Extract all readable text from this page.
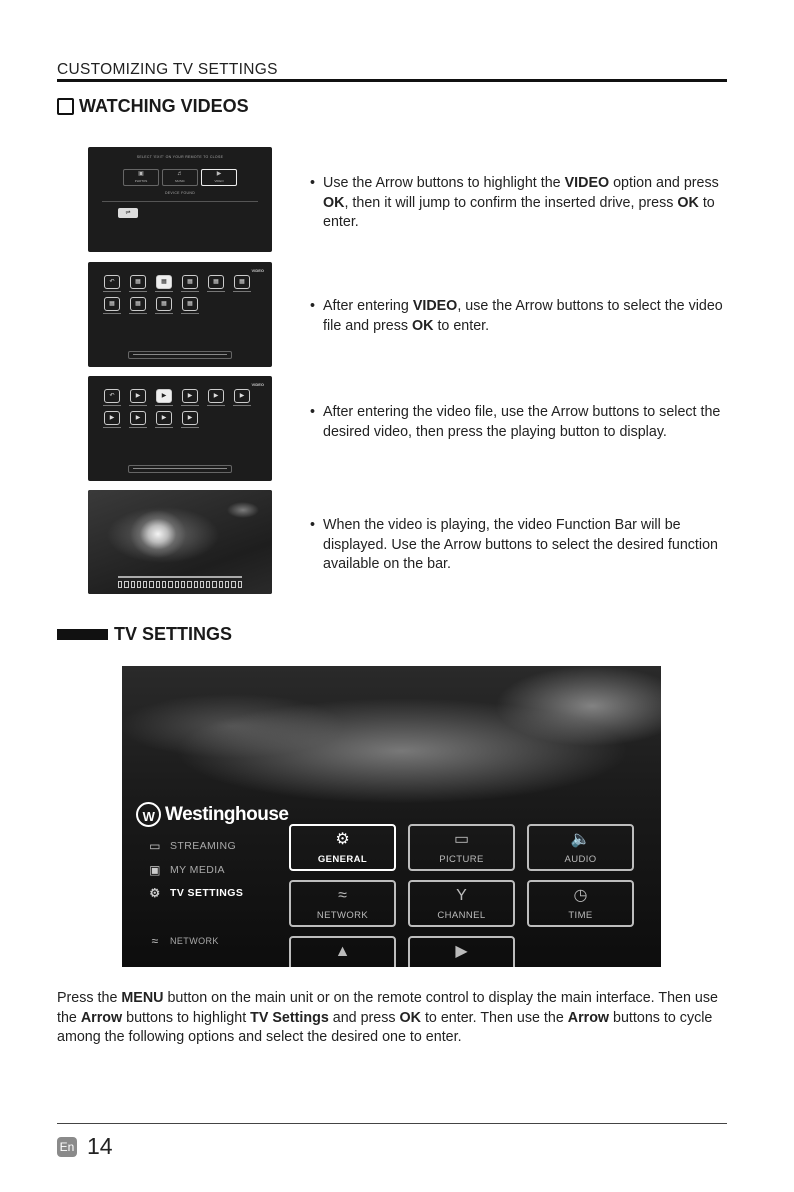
CUSTOMIZING TV SETTINGS
WATCHING VIDEOS
SELECT 'EXIT' ON YOUR REMOTE TO CLOSE
▣
PHOTOS
♬
MUSIC
▶
VIDEO
DEVICE FOUND
⇌
VIDEO
↶	▦	▦	▦	▦	▦
▦	▦	▦	▦
VIDEO
↶	▶	▶	▶	▶	▶
▶	▶	▶	▶
• Use the Arrow buttons to highlight the VIDEO option and press OK, then it will jump to confirm the inserted drive, press OK to enter.
• After entering VIDEO, use the Arrow buttons to select the video file and press OK to enter.
• After entering the video file, use the Arrow buttons to select the desired video, then press the playing button to display.
• When the video is playing, the video Function Bar will be displayed. Use the Arrow buttons to select the desired function available on the bar.
TV SETTINGS
W Westinghouse
▭ STREAMING
▣ MY MEDIA
⚙ TV SETTINGS
≈	NETWORK
⚙
GENERAL
▭
PICTURE
🔈
AUDIO
≈
NETWORK
Y
CHANNEL
◷
TIME
▲	▶
Press the MENU button on the main unit or on the remote control to display the main interface. Then use the Arrow buttons to highlight TV Settings and press OK to enter. Then use the Arrow buttons to cycle among the following options and select the desired one to enter.
En 14
